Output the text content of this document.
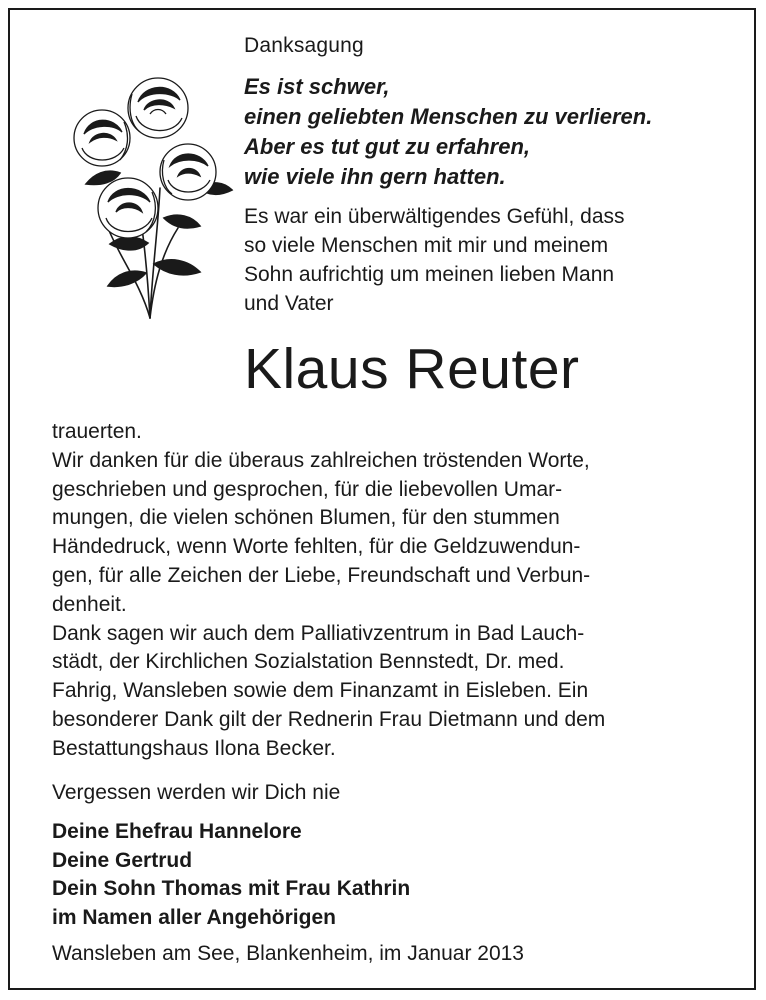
Danksagung
Es ist schwer,
einen geliebten Menschen zu verlieren.
Aber es tut gut zu erfahren,
wie viele ihn gern hatten.
Es war ein überwältigendes Gefühl, dass
so viele Menschen mit mir und meinem
Sohn aufrichtig um meinen lieben Mann
und Vater
Klaus Reuter
trauerten.
Wir danken für die überaus zahlreichen tröstenden Worte,
geschrieben und gesprochen, für die liebevollen Umar-
mungen, die vielen schönen Blumen, für den stummen
Händedruck, wenn Worte fehlten, für die Geldzuwendun-
gen, für alle Zeichen der Liebe, Freundschaft und Verbun-
denheit.
Dank sagen wir auch dem Palliativzentrum in Bad Lauch-
städt, der Kirchlichen Sozialstation Bennstedt, Dr. med.
Fahrig, Wansleben sowie dem Finanzamt in Eisleben. Ein
besonderer Dank gilt der Rednerin Frau Dietmann und dem
Bestattungshaus Ilona Becker.
Vergessen werden wir Dich nie
Deine Ehefrau Hannelore
Deine Gertrud
Dein Sohn Thomas mit Frau Kathrin
im Namen aller Angehörigen
Wansleben am See, Blankenheim, im Januar 2013
